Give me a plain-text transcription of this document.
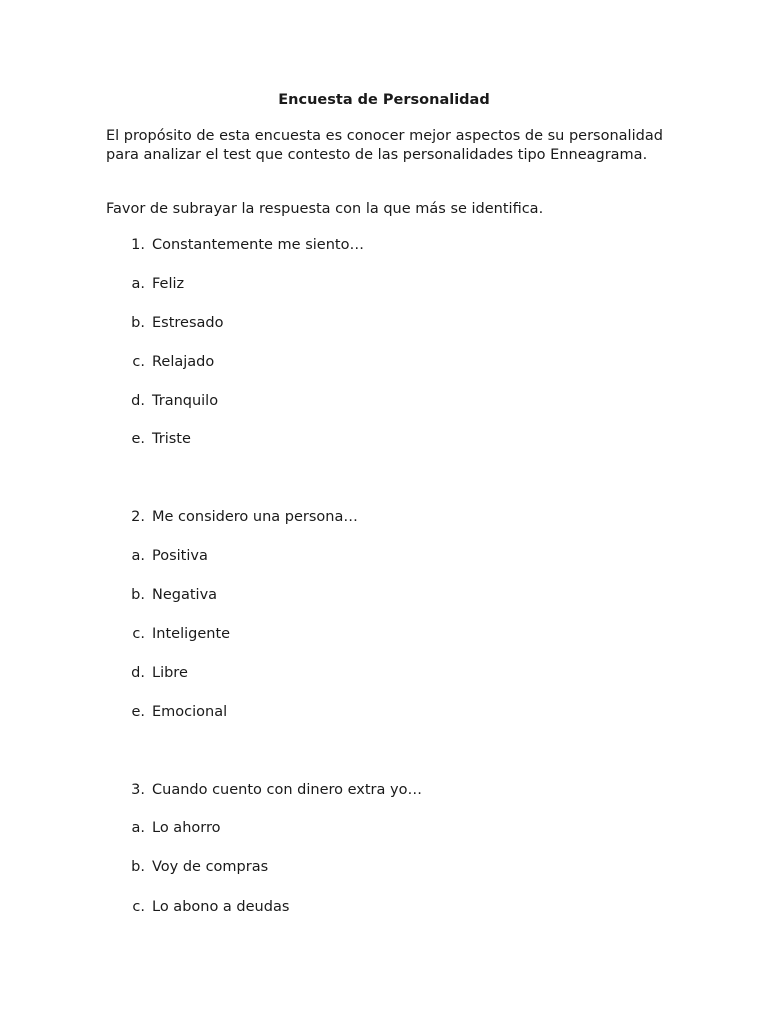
Encuesta de Personalidad

El propósito de esta encuesta es conocer mejor aspectos de su personalidad para analizar el test que contesto de las personalidades tipo Enneagrama.

Favor de subrayar la respuesta con la que más se identifica.

1. Constantemente me siento…
a. Feliz
b. Estresado
c. Relajado
d. Tranquilo
e. Triste
2. Me considero una persona…
a. Positiva
b. Negativa
c. Inteligente
d. Libre
e. Emocional
3. Cuando cuento con dinero extra yo…
a. Lo ahorro
b. Voy de compras
c. Lo abono a deudas
